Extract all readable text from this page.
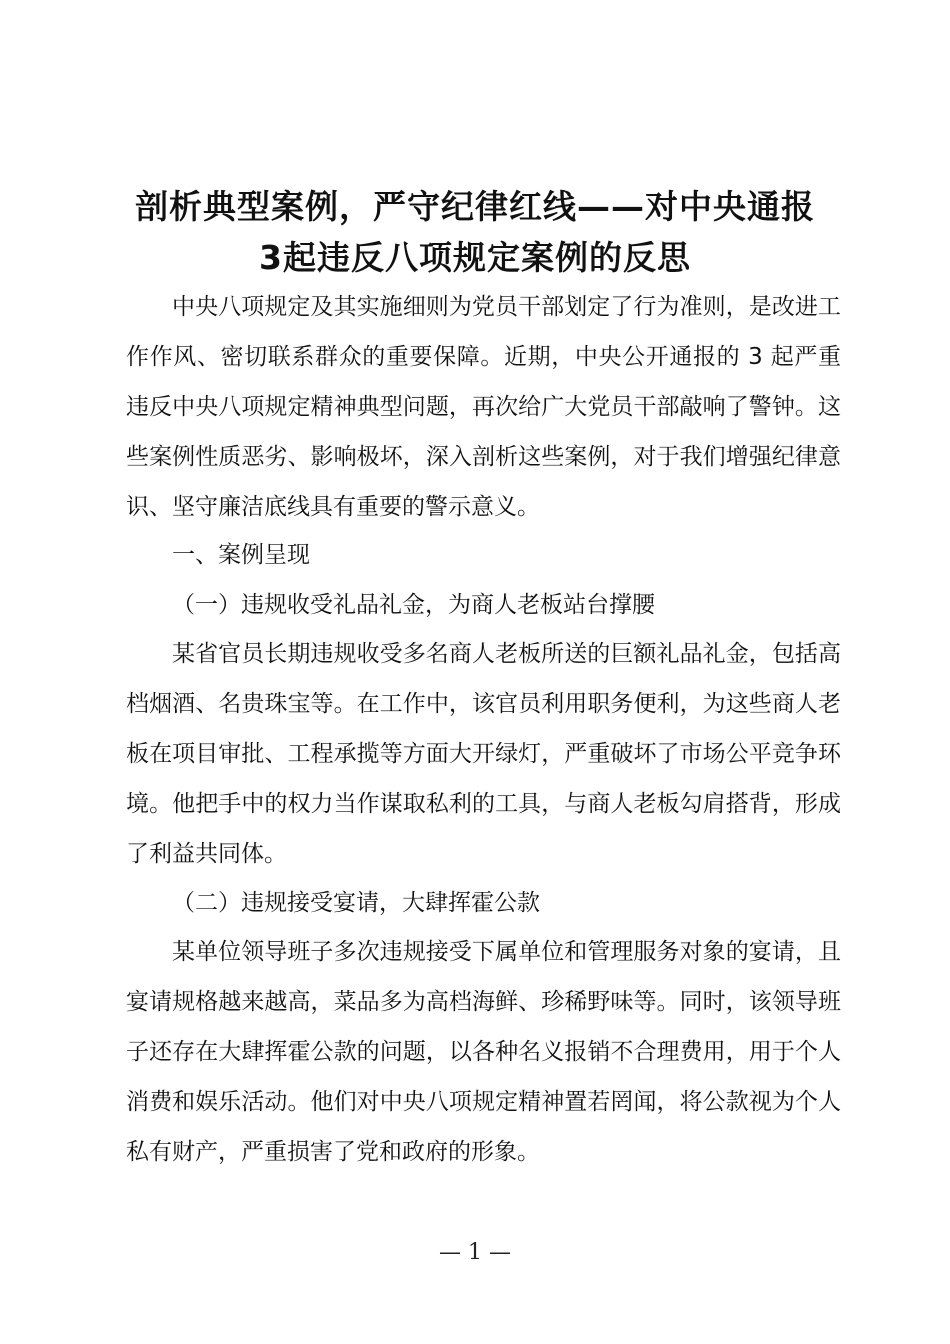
剖析典型案例，严守纪律红线——对中央通报
3起违反八项规定案例的反思

中央八项规定及其实施细则为党员干部划定了行为准则，是改进工作作风、密切联系群众的重要保障。近期，中央公开通报的 3 起严重违反中央八项规定精神典型问题，再次给广大党员干部敲响了警钟。这些案例性质恶劣、影响极坏，深入剖析这些案例，对于我们增强纪律意识、坚守廉洁底线具有重要的警示意义。

一、案例呈现

（一）违规收受礼品礼金，为商人老板站台撑腰

某省官员长期违规收受多名商人老板所送的巨额礼品礼金，包括高档烟酒、名贵珠宝等。在工作中，该官员利用职务便利，为这些商人老板在项目审批、工程承揽等方面大开绿灯，严重破坏了市场公平竞争环境。他把手中的权力当作谋取私利的工具，与商人老板勾肩搭背，形成了利益共同体。

（二）违规接受宴请，大肆挥霍公款

某单位领导班子多次违规接受下属单位和管理服务对象的宴请，且宴请规格越来越高，菜品多为高档海鲜、珍稀野味等。同时，该领导班子还存在大肆挥霍公款的问题，以各种名义报销不合理费用，用于个人消费和娱乐活动。他们对中央八项规定精神置若罔闻，将公款视为个人私有财产，严重损害了党和政府的形象。

— 1 —
